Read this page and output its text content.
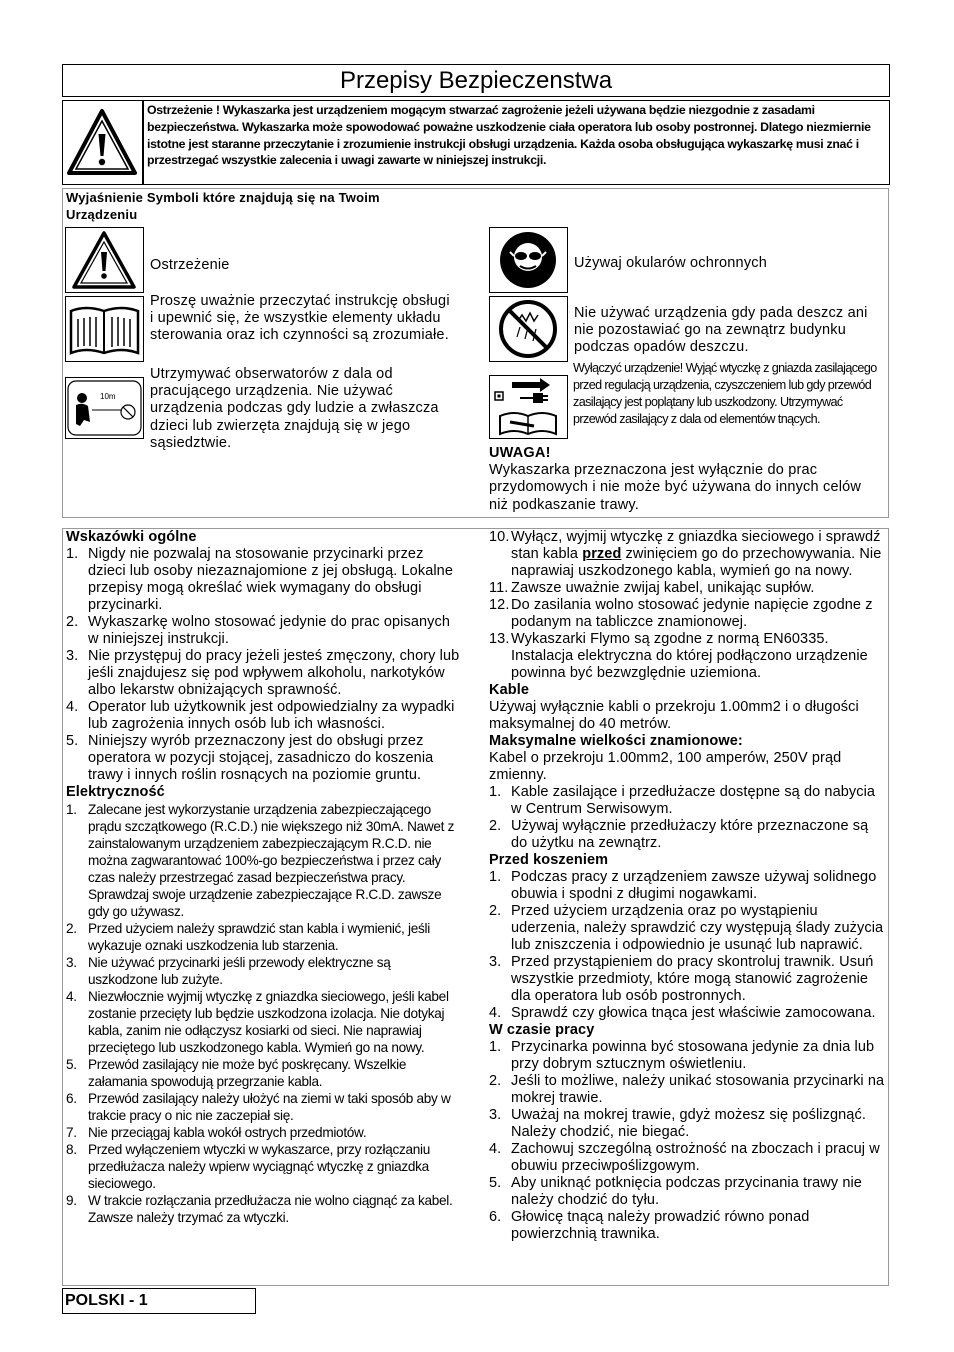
Przepisy Bezpieczenstwa
Ostrzeżenie ! Wykaszarka jest urządzeniem mogącym stwarzać zagrożenie jeżeli używana będzie niezgodnie z zasadami bezpieczeństwa. Wykaszarka może spowodować poważne uszkodzenie ciała operatora lub osoby postronnej. Dlatego niezmiernie istotne jest staranne przeczytanie i zrozumienie instrukcji obsługi urządzenia. Każda osoba obsługująca wykaszarkę musi znać i przestrzegać wszystkie zalecenia i uwagi zawarte w niniejszej instrukcji.
Wyjaśnienie Symboli które znajdują się na Twoim Urządzeniu
Ostrzeżenie
Proszę uważnie przeczytać instrukcję obsługi i upewnić się, że wszystkie elementy układu sterowania oraz ich czynności są zrozumiałe.
10m
Utrzymywać obserwatorów z dala od pracującego urządzenia. Nie używać urządzenia podczas gdy ludzie a zwłaszcza dzieci lub zwierzęta znajdują się w jego sąsiedztwie.
Używaj okularów ochronnych
Nie używać urządzenia gdy pada deszcz ani nie pozostawiać go na zewnątrz budynku podczas opadów deszczu.
Wyłączyć urządzenie! Wyjąć wtyczkę z gniazda zasilającego przed regulacją urządzenia, czyszczeniem lub gdy przewód zasilający jest poplątany lub uszkodzony. Utrzymywać przewód zasilający z dala od elementów tnących.
UWAGA!
Wykaszarka przeznaczona jest wyłącznie do prac przydomowych i nie może być używana do innych celów niż podkaszanie trawy.
Wskazówki ogólne
1. Nigdy nie pozwalaj na stosowanie przycinarki przez dzieci lub osoby niezaznajomione z jej obsługą. Lokalne przepisy mogą określać wiek wymagany do obsługi przycinarki.
2. Wykaszarkę wolno stosować jedynie do prac opisanych w niniejszej instrukcji.
3. Nie przystępuj do pracy jeżeli jesteś zmęczony, chory lub jeśli znajdujesz się pod wpływem alkoholu, narkotyków albo lekarstw obniżających sprawność.
4. Operator lub użytkownik jest odpowiedzialny za wypadki lub zagrożenia innych osób lub ich własności.
5. Niniejszy wyrób przeznaczony jest do obsługi przez operatora w pozycji stojącej, zasadniczo do koszenia trawy i innych roślin rosnących na poziomie gruntu.
Elektryczność
1. Zalecane jest wykorzystanie urządzenia zabezpieczającego prądu szczątkowego (R.C.D.) nie większego niż 30mA. Nawet z zainstalowanym urządzeniem zabezpieczającym R.C.D. nie można zagwarantować 100%-go bezpieczeństwa i przez cały czas należy przestrzegać zasad bezpieczeństwa pracy. Sprawdzaj swoje urządzenie zabezpieczające R.C.D. zawsze gdy go używasz.
2. Przed użyciem należy sprawdzić stan kabla i wymienić, jeśli wykazuje oznaki uszkodzenia lub starzenia.
3. Nie używać przycinarki jeśli przewody elektryczne są uszkodzone lub zużyte.
4. Niezwłocznie wyjmij wtyczkę z gniazdka sieciowego, jeśli kabel zostanie przecięty lub będzie uszkodzona izolacja. Nie dotykaj kabla, zanim nie odłączysz kosiarki od sieci. Nie naprawiaj przeciętego lub uszkodzonego kabla. Wymień go na nowy.
5. Przewód zasilający nie może być poskręcany. Wszelkie załamania spowodują przegrzanie kabla.
6. Przewód zasilający należy ułożyć na ziemi w taki sposób aby w trakcie pracy o nic nie zaczepiał się.
7. Nie przeciągaj kabla wokół ostrych przedmiotów.
8. Przed wyłączeniem wtyczki w wykaszarce, przy rozłączaniu przedłużacza należy wpierw wyciągnąć wtyczkę z gniazdka sieciowego.
9. W trakcie rozłączania przedłużacza nie wolno ciągnąć za kabel. Zawsze należy trzymać za wtyczki.
10. Wyłącz, wyjmij wtyczkę z gniazdka sieciowego i sprawdź stan kabla przed zwinięciem go do przechowywania. Nie naprawiaj uszkodzonego kabla, wymień go na nowy.
11. Zawsze uważnie zwijaj kabel, unikając supłów.
12. Do zasilania wolno stosować jedynie napięcie zgodne z podanym na tabliczce znamionowej.
13. Wykaszarki Flymo są zgodne z normą EN60335. Instalacja elektryczna do której podłączono urządzenie powinna być bezwzględnie uziemiona.
Kable
Używaj wyłącznie kabli o przekroju 1.00mm2 i o długości maksymalnej do 40 metrów.
Maksymalne wielkości znamionowe:
Kabel o przekroju 1.00mm2, 100 amperów, 250V prąd zmienny.
1. Kable zasilające i przedłużacze dostępne są do nabycia w Centrum Serwisowym.
2. Używaj wyłącznie przedłużaczy które przeznaczone są do użytku na zewnątrz.
Przed koszeniem
1. Podczas pracy z urządzeniem zawsze używaj solidnego obuwia i spodni z długimi nogawkami.
2. Przed użyciem urządzenia oraz po wystąpieniu uderzenia, należy sprawdzić czy występują ślady zużycia lub zniszczenia i odpowiednio je usunąć lub naprawić.
3. Przed przystąpieniem do pracy skontroluj trawnik. Usuń wszystkie przedmioty, które mogą stanowić zagrożenie dla operatora lub osób postronnych.
4. Sprawdź czy głowica tnąca jest właściwie zamocowana.
W czasie pracy
1. Przycinarka powinna być stosowana jedynie za dnia lub przy dobrym sztucznym oświetleniu.
2. Jeśli to możliwe, należy unikać stosowania przycinarki na mokrej trawie.
3. Uważaj na mokrej trawie, gdyż możesz się poślizgnąć. Należy chodzić, nie biegać.
4. Zachowuj szczególną ostrożność na zboczach i pracuj w obuwiu przeciwpoślizgowym.
5. Aby uniknąć potknięcia podczas przycinania trawy nie należy chodzić do tyłu.
6. Głowicę tnącą należy prowadzić równo ponad powierzchnią trawnika.
POLSKI - 1
